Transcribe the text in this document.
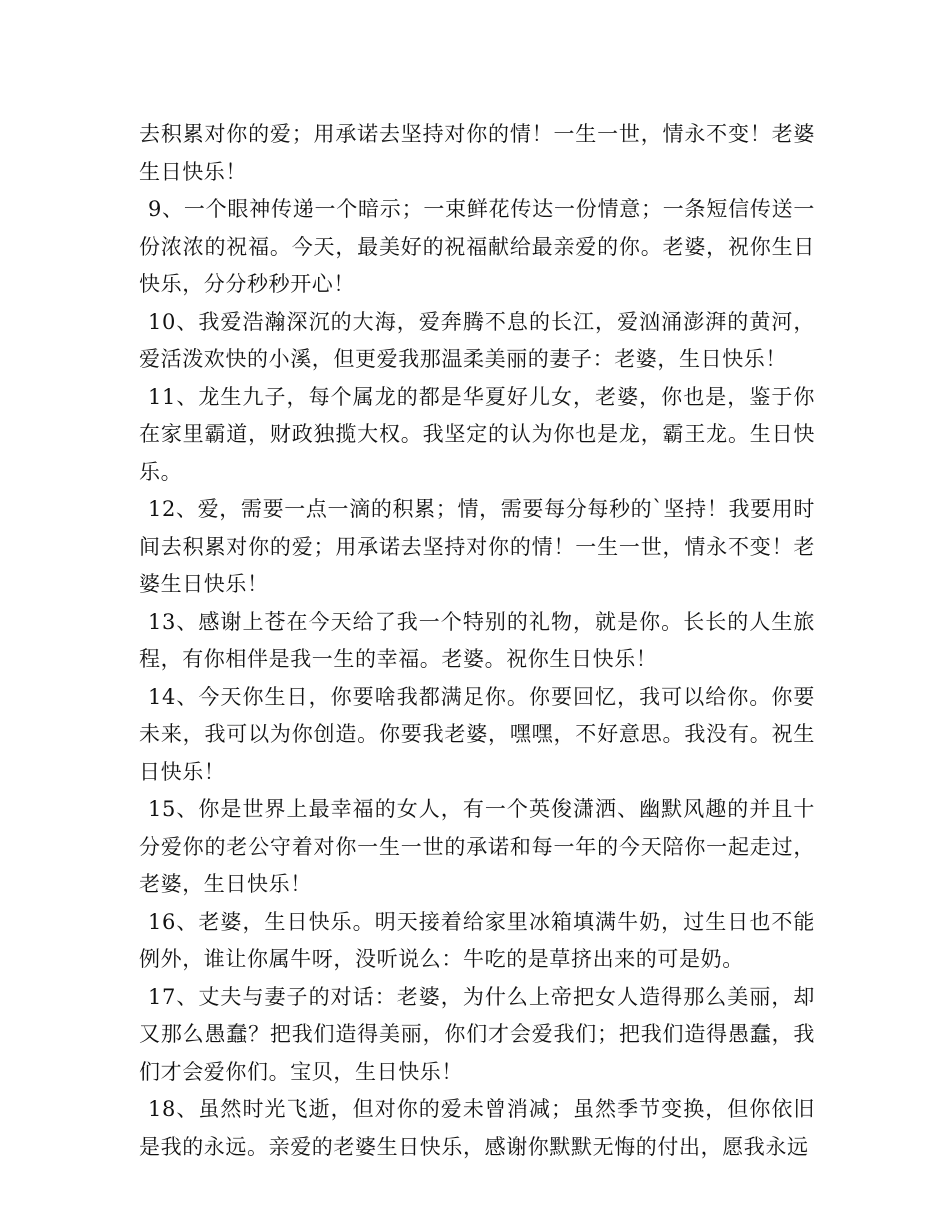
去积累对你的爱；用承诺去坚持对你的情！一生一世，情永不变！老婆生日快乐！

9、一个眼神传递一个暗示；一束鲜花传达一份情意；一条短信传送一份浓浓的祝福。今天，最美好的祝福献给最亲爱的你。老婆，祝你生日快乐，分分秒秒开心！

10、我爱浩瀚深沉的大海，爱奔腾不息的长江，爱汹涌澎湃的黄河，爱活泼欢快的小溪，但更爱我那温柔美丽的妻子：老婆，生日快乐！

11、龙生九子，每个属龙的都是华夏好儿女，老婆，你也是，鉴于你在家里霸道，财政独揽大权。我坚定的认为你也是龙，霸王龙。生日快乐。

12、爱，需要一点一滴的积累；情，需要每分每秒的`坚持！我要用时间去积累对你的爱；用承诺去坚持对你的情！一生一世，情永不变！老婆生日快乐！

13、感谢上苍在今天给了我一个特别的礼物，就是你。长长的人生旅程，有你相伴是我一生的幸福。老婆。祝你生日快乐！

14、今天你生日，你要啥我都满足你。你要回忆，我可以给你。你要未来，我可以为你创造。你要我老婆，嘿嘿，不好意思。我没有。祝生日快乐！

15、你是世界上最幸福的女人，有一个英俊潇洒、幽默风趣的并且十分爱你的老公守着对你一生一世的承诺和每一年的今天陪你一起走过，老婆，生日快乐！

16、老婆，生日快乐。明天接着给家里冰箱填满牛奶，过生日也不能例外，谁让你属牛呀，没听说么：牛吃的是草挤出来的可是奶。

17、丈夫与妻子的对话：老婆，为什么上帝把女人造得那么美丽，却又那么愚蠢？把我们造得美丽，你们才会爱我们；把我们造得愚蠢，我们才会爱你们。宝贝，生日快乐！

18、虽然时光飞逝，但对你的爱未曾消减；虽然季节变换，但你依旧是我的永远。亲爱的老婆生日快乐，感谢你默默无悔的付出，愿我永远
